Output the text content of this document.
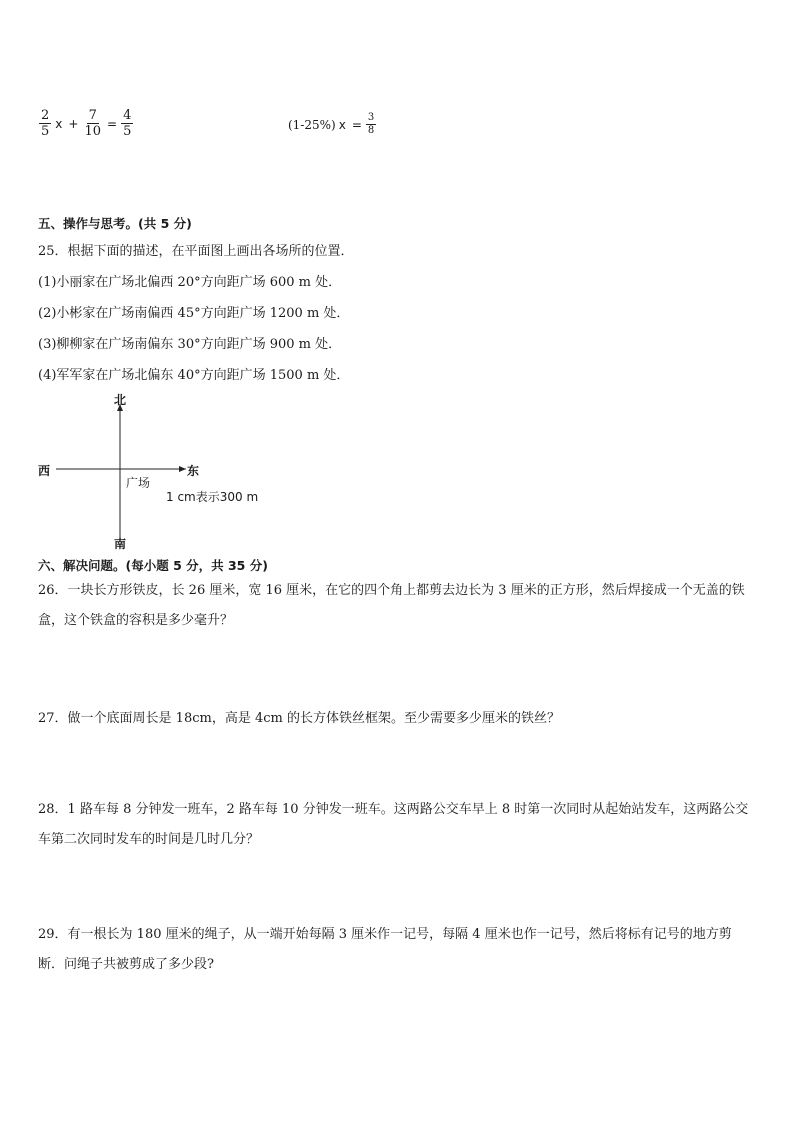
$\frac{2}{5}$ $x + \frac{7}{10} = \frac{4}{5}$	(1-25%) $x = \frac{3}{8}$
五、操作与思考。(共 5 分)
25．根据下面的描述，在平面图上画出各场所的位置．
(1)小丽家在广场北偏西 20°方向距广场 600 m 处．
(2)小彬家在广场南偏西 45°方向距广场 1200 m 处．
(3)柳柳家在广场南偏东 30°方向距广场 900 m 处．
(4)军军家在广场北偏东 40°方向距广场 1500 m 处．
北
南
西	东
广场
1 cm表示300 m
六、解决问题。(每小题 5 分，共 35 分)
26．一块长方形铁皮，长 26 厘米，宽 16 厘米，在它的四个角上都剪去边长为 3 厘米的正方形，然后焊接成一个无盖的铁盒，这个铁盒的容积是多少毫升？
27．做一个底面周长是 18cm，高是 4cm 的长方体铁丝框架。至少需要多少厘米的铁丝？
28．1 路车每 8 分钟发一班车，2 路车每 10 分钟发一班车。这两路公交车早上 8 时第一次同时从起始站发车，这两路公交车第二次同时发车的时间是几时几分？
29．有一根长为 180 厘米的绳子，从一端开始每隔 3 厘米作一记号，每隔 4 厘米也作一记号，然后将标有记号的地方剪断．问绳子共被剪成了多少段?
